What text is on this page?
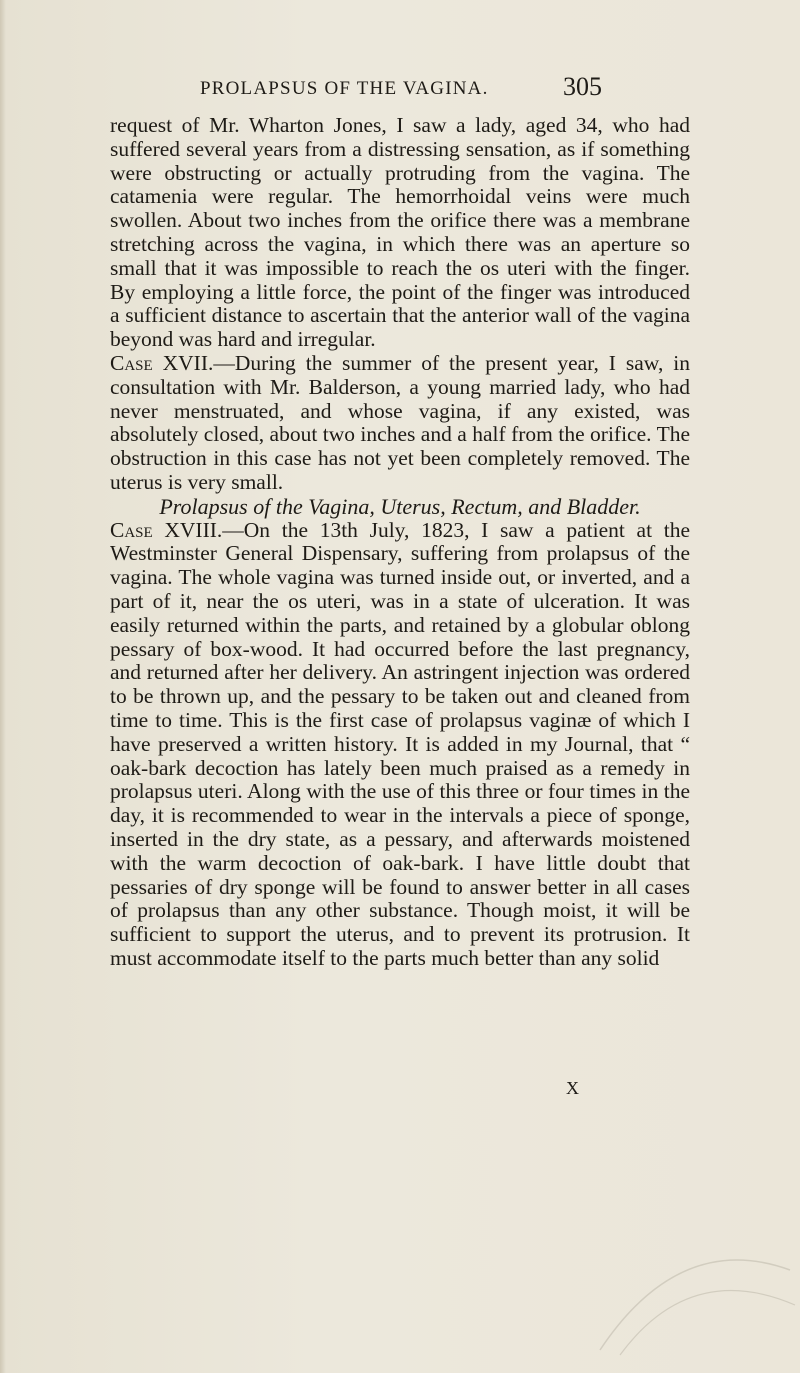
PROLAPSUS OF THE VAGINA.	305

request of Mr. Wharton Jones, I saw a lady, aged 34, who had suffered several years from a distressing sensation, as if something were obstructing or actually protruding from the vagina. The catamenia were regular. The hemorrhoidal veins were much swollen. About two inches from the orifice there was a membrane stretching across the vagina, in which there was an aperture so small that it was impossible to reach the os uteri with the finger. By employing a little force, the point of the finger was introduced a sufficient distance to ascertain that the anterior wall of the vagina beyond was hard and irregular.

Case XVII.—During the summer of the present year, I saw, in consultation with Mr. Balderson, a young married lady, who had never menstruated, and whose vagina, if any existed, was absolutely closed, about two inches and a half from the orifice. The obstruction in this case has not yet been completely removed. The uterus is very small.

Prolapsus of the Vagina, Uterus, Rectum, and Bladder.

Case XVIII.—On the 13th July, 1823, I saw a patient at the Westminster General Dispensary, suffering from prolapsus of the vagina. The whole vagina was turned inside out, or inverted, and a part of it, near the os uteri, was in a state of ulceration. It was easily returned within the parts, and retained by a globular oblong pessary of box-wood. It had occurred before the last pregnancy, and returned after her delivery. An astringent injection was ordered to be thrown up, and the pessary to be taken out and cleaned from time to time. This is the first case of prolapsus vaginæ of which I have preserved a written history. It is added in my Journal, that “ oak-bark decoction has lately been much praised as a remedy in prolapsus uteri. Along with the use of this three or four times in the day, it is recommended to wear in the intervals a piece of sponge, inserted in the dry state, as a pessary, and afterwards moistened with the warm decoction of oak-bark. I have little doubt that pessaries of dry sponge will be found to answer better in all cases of prolapsus than any other substance. Though moist, it will be sufficient to support the uterus, and to prevent its protrusion. It must accommodate itself to the parts much better than any solid

X
